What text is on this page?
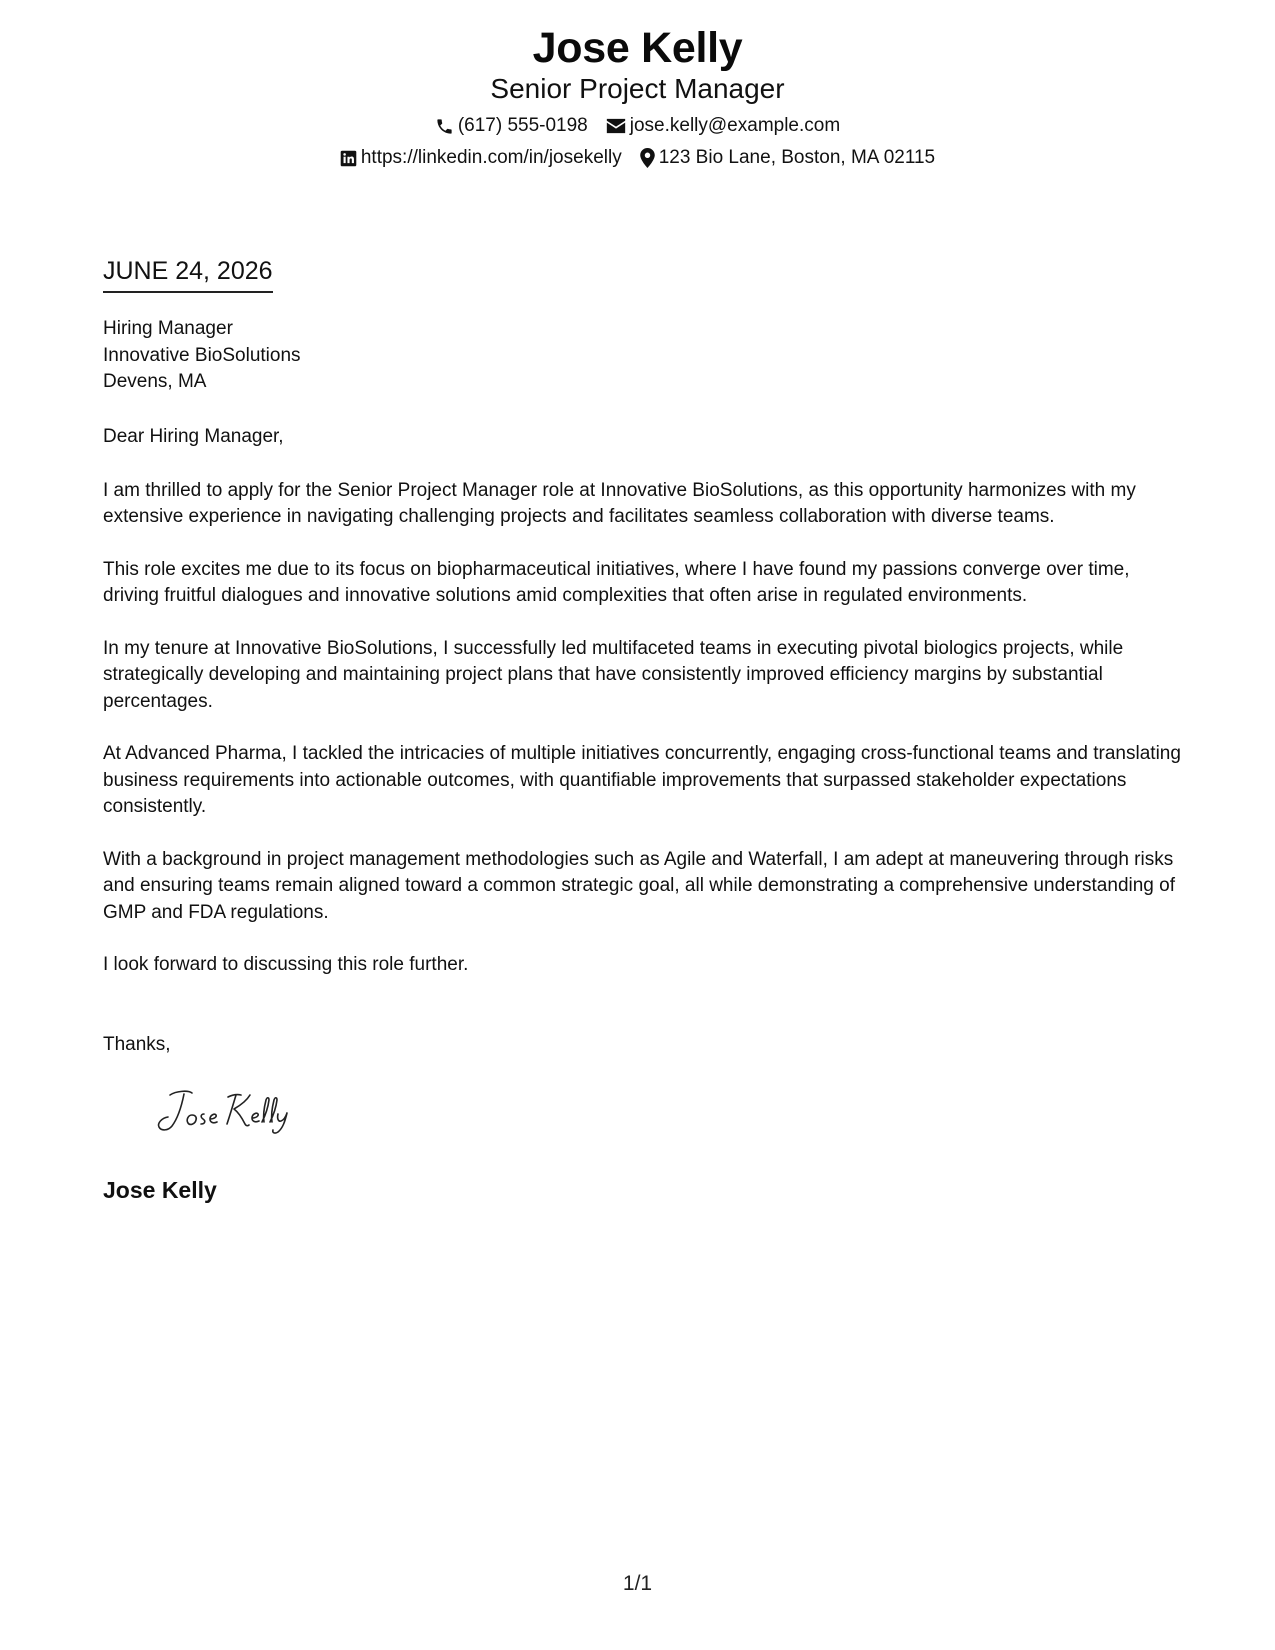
Jose Kelly
Senior Project Manager
(617) 555-0198 jose.kelly@example.com
https://linkedin.com/in/josekelly 123 Bio Lane, Boston, MA 02115
JUNE 24, 2026
Hiring Manager
Innovative BioSolutions
Devens, MA

Dear Hiring Manager,

I am thrilled to apply for the Senior Project Manager role at Innovative BioSolutions, as this opportunity harmonizes with my extensive experience in navigating challenging projects and facilitates seamless collaboration with diverse teams.

This role excites me due to its focus on biopharmaceutical initiatives, where I have found my passions converge over time, driving fruitful dialogues and innovative solutions amid complexities that often arise in regulated environments.

In my tenure at Innovative BioSolutions, I successfully led multifaceted teams in executing pivotal biologics projects, while strategically developing and maintaining project plans that have consistently improved efficiency margins by substantial percentages.

At Advanced Pharma, I tackled the intricacies of multiple initiatives concurrently, engaging cross-functional teams and translating business requirements into actionable outcomes, with quantifiable improvements that surpassed stakeholder expectations consistently.

With a background in project management methodologies such as Agile and Waterfall, I am adept at maneuvering through risks and ensuring teams remain aligned toward a common strategic goal, all while demonstrating a comprehensive understanding of GMP and FDA regulations.

I look forward to discussing this role further.

Thanks,
Jose Kelly
1/1
